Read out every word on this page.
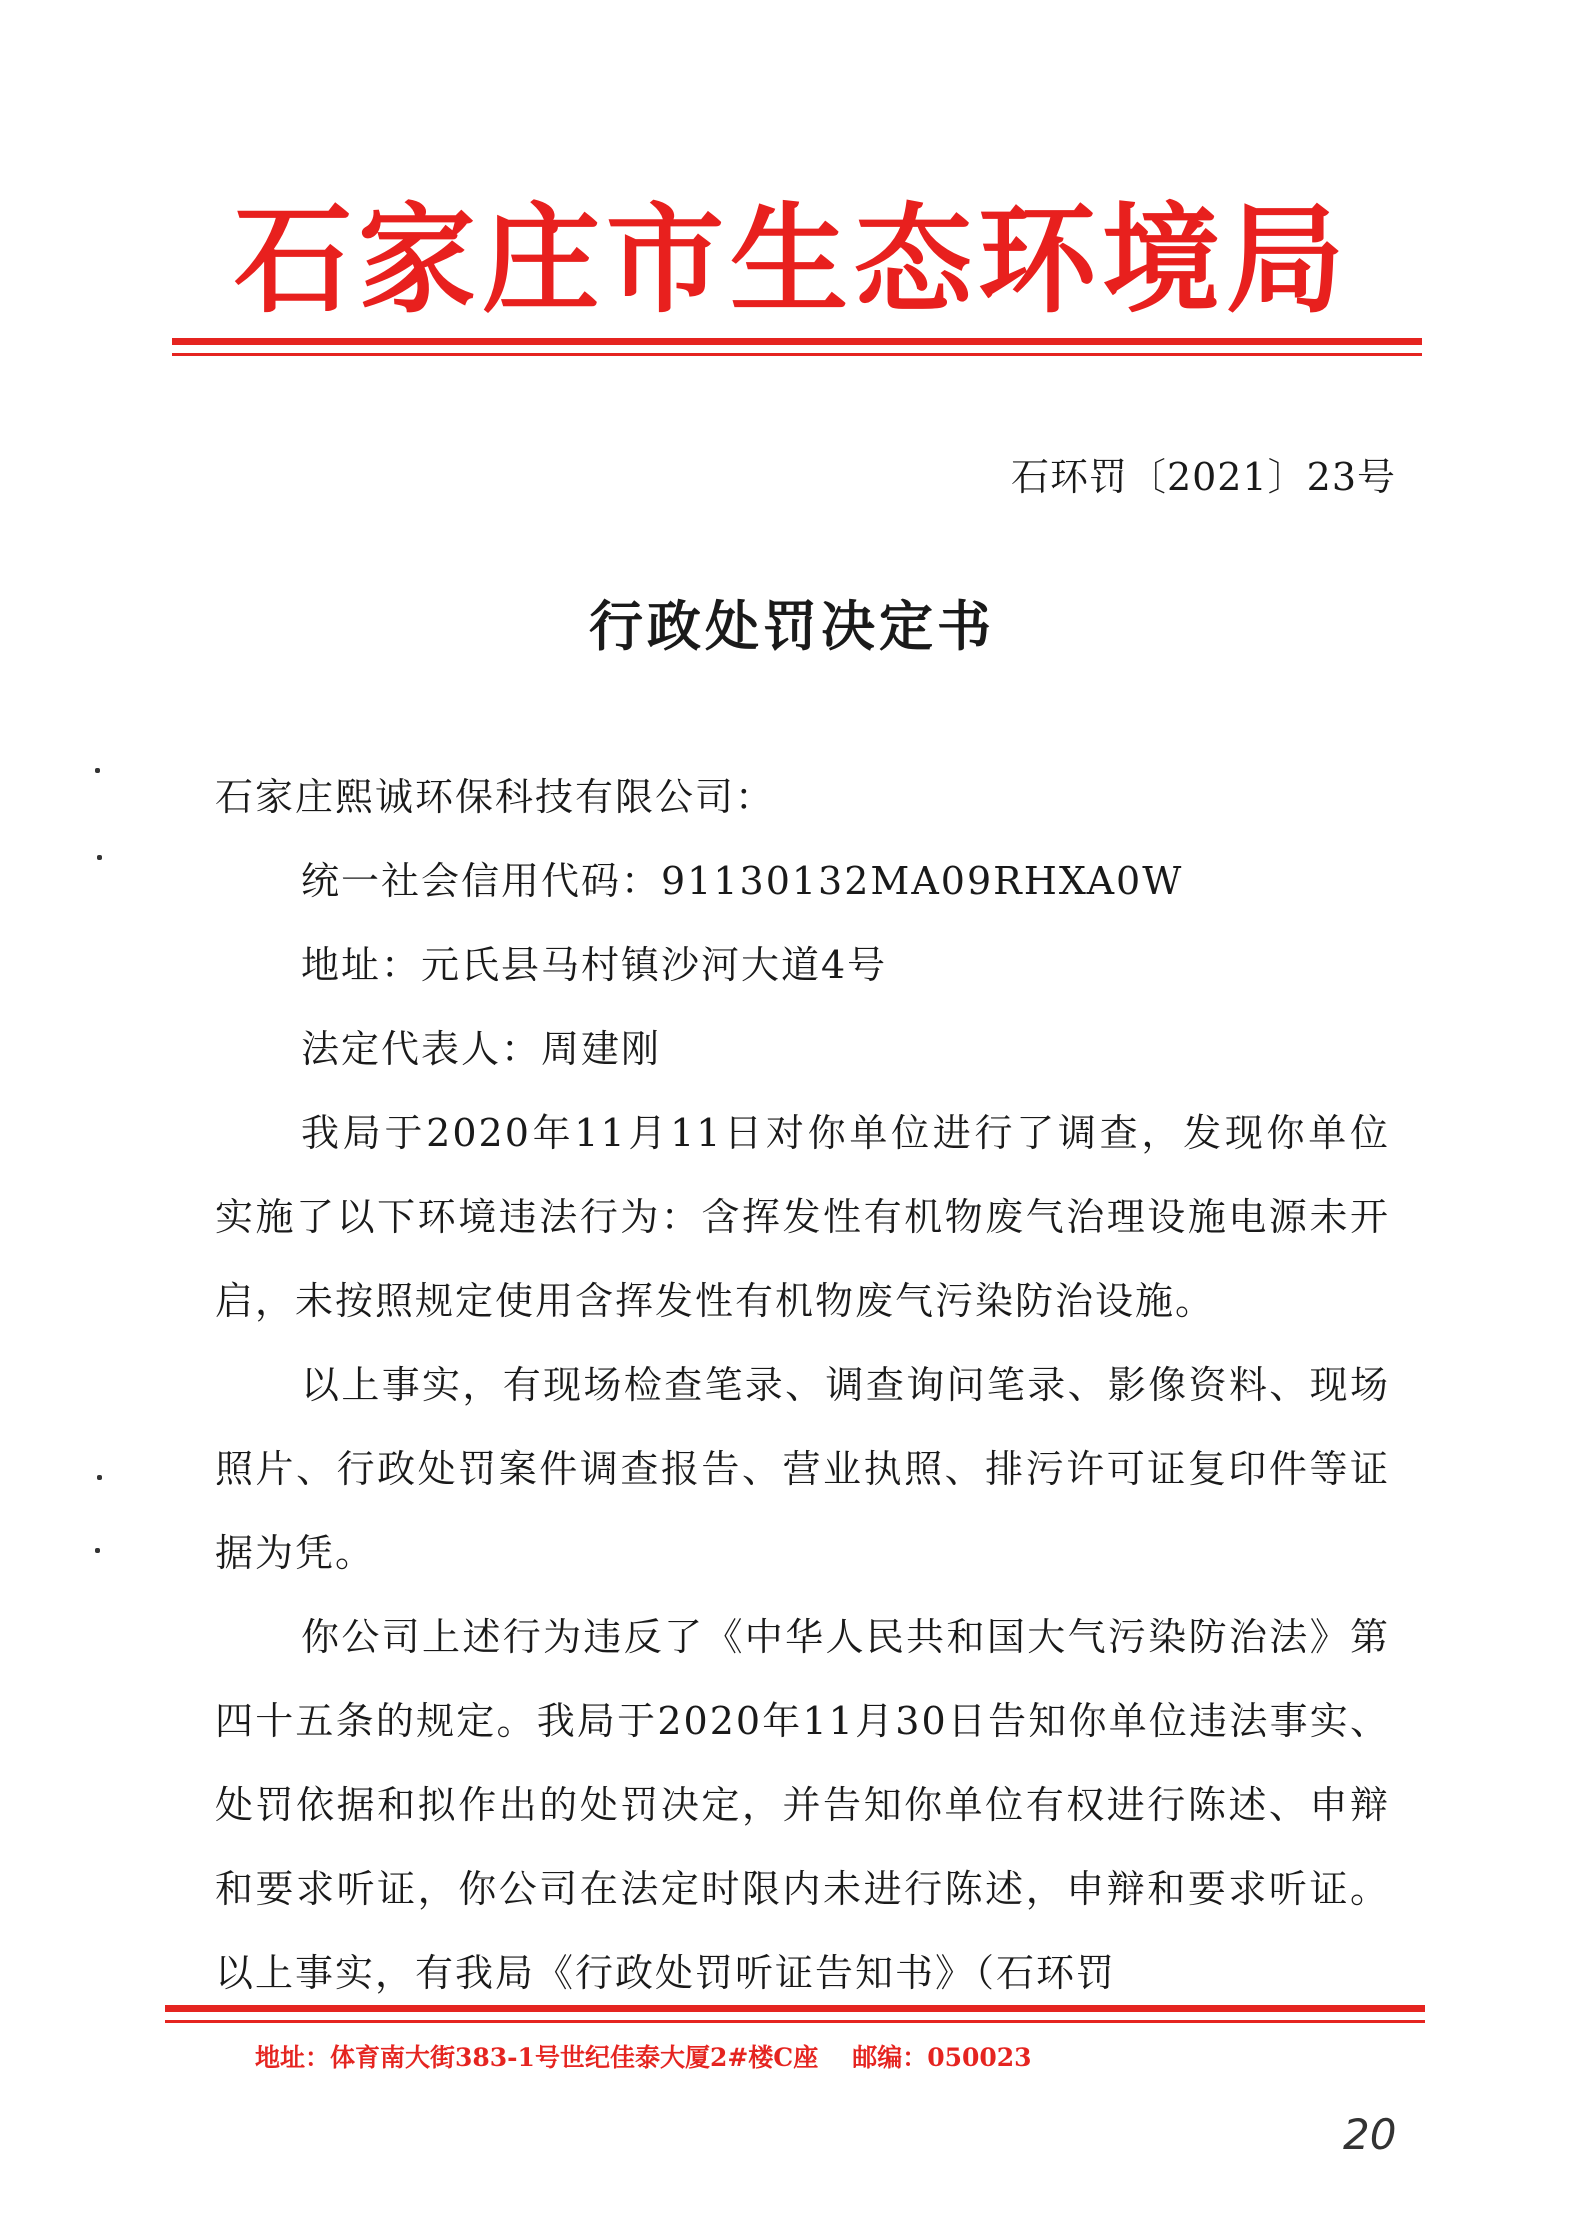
石家庄市生态环境局
石环罚〔2021〕23号
行政处罚决定书

石家庄熙诚环保科技有限公司：

统一社会信用代码：91130132MA09RHXA0W

地址：元氏县马村镇沙河大道4号

法定代表人：周建刚

我局于2020年11月11日对你单位进行了调查，发现你单位实施了以下环境违法行为：含挥发性有机物废气治理设施电源未开启，未按照规定使用含挥发性有机物废气污染防治设施。

以上事实，有现场检查笔录、调查询问笔录、影像资料、现场照片、行政处罚案件调查报告、营业执照、排污许可证复印件等证据为凭。

你公司上述行为违反了《中华人民共和国大气污染防治法》第四十五条的规定。我局于2020年11月30日告知你单位违法事实、处罚依据和拟作出的处罚决定，并告知你单位有权进行陈述、申辩和要求听证，你公司在法定时限内未进行陈述，申辩和要求听证。以上事实，有我局《行政处罚听证告知书》（石环罚

地址：体育南大街383-1号世纪佳泰大厦2#楼C座 邮编：050023
20
